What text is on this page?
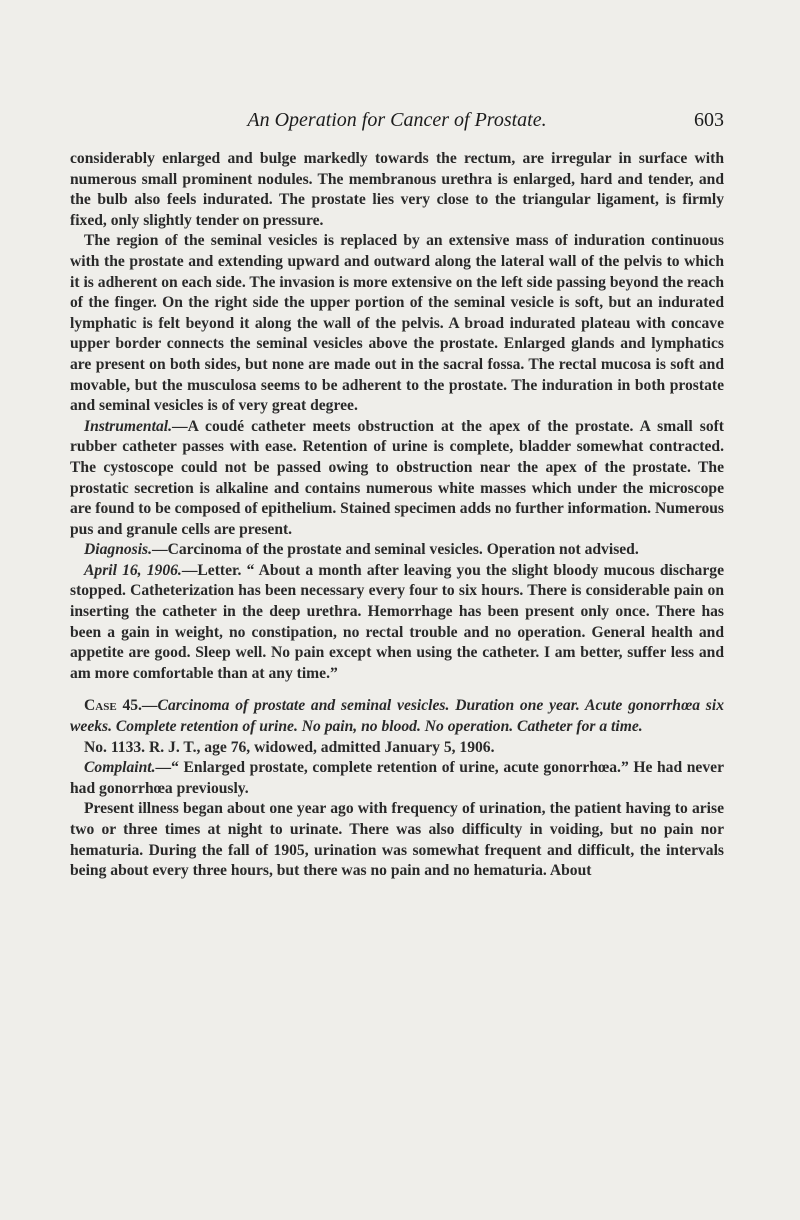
An Operation for Cancer of Prostate.	603

considerably enlarged and bulge markedly towards the rectum, are irregular in surface with numerous small prominent nodules. The membranous urethra is enlarged, hard and tender, and the bulb also feels indurated. The prostate lies very close to the triangular ligament, is firmly fixed, only slightly tender on pressure.

The region of the seminal vesicles is replaced by an extensive mass of induration continuous with the prostate and extending upward and outward along the lateral wall of the pelvis to which it is adherent on each side. The invasion is more extensive on the left side passing beyond the reach of the finger. On the right side the upper portion of the seminal vesicle is soft, but an indurated lymphatic is felt beyond it along the wall of the pelvis. A broad indurated plateau with concave upper border connects the seminal vesicles above the prostate. Enlarged glands and lymphatics are present on both sides, but none are made out in the sacral fossa. The rectal mucosa is soft and movable, but the musculosa seems to be adherent to the prostate. The induration in both prostate and seminal vesicles is of very great degree.

Instrumental.—A coudé catheter meets obstruction at the apex of the prostate. A small soft rubber catheter passes with ease. Retention of urine is complete, bladder somewhat contracted. The cystoscope could not be passed owing to obstruction near the apex of the prostate. The prostatic secretion is alkaline and contains numerous white masses which under the microscope are found to be composed of epithelium. Stained specimen adds no further information. Numerous pus and granule cells are present.

Diagnosis.—Carcinoma of the prostate and seminal vesicles. Operation not advised.

April 16, 1906.—Letter. “ About a month after leaving you the slight bloody mucous discharge stopped. Catheterization has been necessary every four to six hours. There is considerable pain on inserting the catheter in the deep urethra. Hemorrhage has been present only once. There has been a gain in weight, no constipation, no rectal trouble and no operation. General health and appetite are good. Sleep well. No pain except when using the catheter. I am better, suffer less and am more comfortable than at any time.”

Case 45.—Carcinoma of prostate and seminal vesicles. Duration one year. Acute gonorrhœa six weeks. Complete retention of urine. No pain, no blood. No operation. Catheter for a time.

No. 1133. R. J. T., age 76, widowed, admitted January 5, 1906.

Complaint.—“ Enlarged prostate, complete retention of urine, acute gonorrhœa.” He had never had gonorrhœa previously.

Present illness began about one year ago with frequency of urination, the patient having to arise two or three times at night to urinate. There was also difficulty in voiding, but no pain nor hematuria. During the fall of 1905, urination was somewhat frequent and difficult, the intervals being about every three hours, but there was no pain and no hematuria. About
